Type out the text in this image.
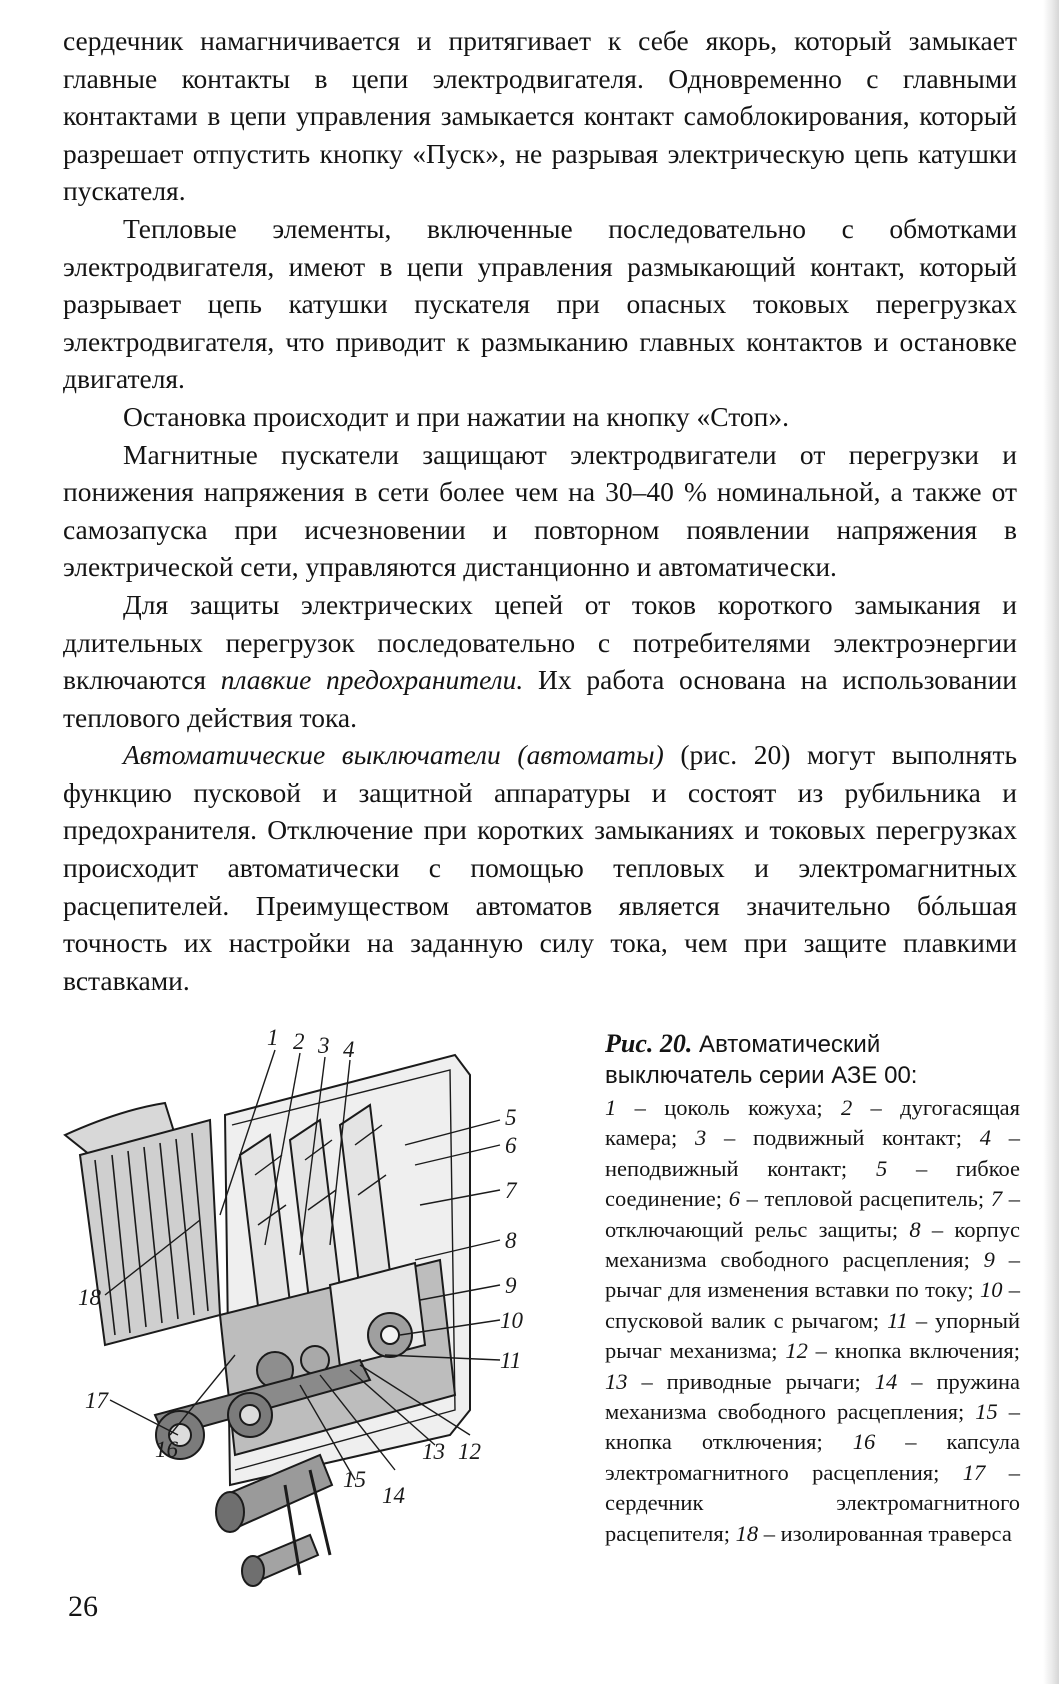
сердечник намагничивается и притягивает к себе якорь, который замыкает главные контакты в цепи электродвигателя. Одновременно с главными контактами в цепи управления замыкается контакт самоблокирования, который разрешает отпустить кнопку «Пуск», не разрывая электрическую цепь катушки пускателя.

Тепловые элементы, включенные последовательно с обмотками электродвигателя, имеют в цепи управления размыкающий контакт, который разрывает цепь катушки пускателя при опасных токовых перегрузках электродвигателя, что приводит к размыканию главных контактов и остановке двигателя.

Остановка происходит и при нажатии на кнопку «Стоп».

Магнитные пускатели защищают электродвигатели от перегрузки и понижения напряжения в сети более чем на 30–40 % номинальной, а также от самозапуска при исчезновении и повторном появлении напряжения в электрической сети, управляются дистанционно и автоматически.

Для защиты электрических цепей от токов короткого замыкания и длительных перегрузок последовательно с потребителями электроэнергии включаются плавкие предохранители. Их работа основана на использовании теплового действия тока.

Автоматические выключатели (автоматы) (рис. 20) могут выполнять функцию пусковой и защитной аппаратуры и состоят из рубильника и предохранителя. Отключение при коротких замыканиях и токовых перегрузках происходит автоматически с помощью тепловых и электромагнитных расцепителей. Преимуществом автоматов является значительно бóльшая точность их настройки на заданную силу тока, чем при защите плавкими вставками.

1 2 3 4
5
6
7
8
9
10
11
12
13
14
15
16
17
18

Рис. 20. Автоматический выключатель серии АЗЕ 00:

1 – цоколь кожуха; 2 – дугогасящая камера; 3 – подвижный контакт; 4 – неподвижный контакт; 5 – гибкое соединение; 6 – тепловой расцепитель; 7 – отключающий рельс защиты; 8 – корпус механизма свободного расцепления; 9 – рычаг для изменения вставки по току; 10 – спусковой валик с рычагом; 11 – упорный рычаг механизма; 12 – кнопка включения; 13 – приводные рычаги; 14 – пружина механизма свободного расцепления; 15 – кнопка отключения; 16 – капсула электромагнитного расцепления; 17 – сердечник электромагнитного расцепителя; 18 – изолированная траверса

26
